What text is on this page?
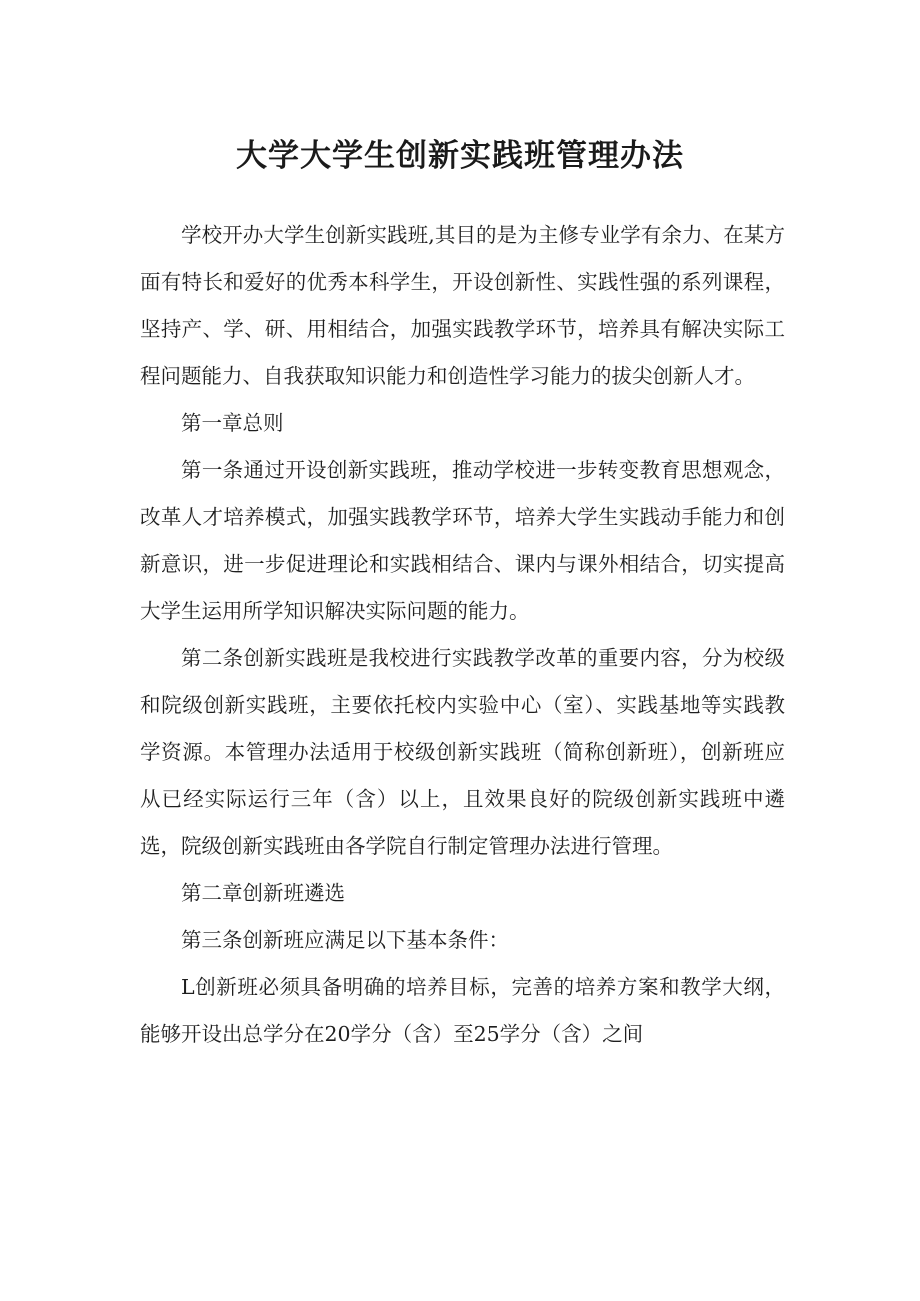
大学大学生创新实践班管理办法

学校开办大学生创新实践班,其目的是为主修专业学有余力、在某方面有特长和爱好的优秀本科学生，开设创新性、实践性强的系列课程，坚持产、学、研、用相结合，加强实践教学环节，培养具有解决实际工程问题能力、自我获取知识能力和创造性学习能力的拔尖创新人才。

第一章总则

第一条通过开设创新实践班，推动学校进一步转变教育思想观念，改革人才培养模式，加强实践教学环节，培养大学生实践动手能力和创新意识，进一步促进理论和实践相结合、课内与课外相结合，切实提高大学生运用所学知识解决实际问题的能力。

第二条创新实践班是我校进行实践教学改革的重要内容，分为校级和院级创新实践班，主要依托校内实验中心（室）、实践基地等实践教学资源。本管理办法适用于校级创新实践班（简称创新班），创新班应从已经实际运行三年（含）以上，且效果良好的院级创新实践班中遴选，院级创新实践班由各学院自行制定管理办法进行管理。

第二章创新班遴选

第三条创新班应满足以下基本条件：

L创新班必须具备明确的培养目标，完善的培养方案和教学大纲，能够开设出总学分在20学分（含）至25学分（含）之间
